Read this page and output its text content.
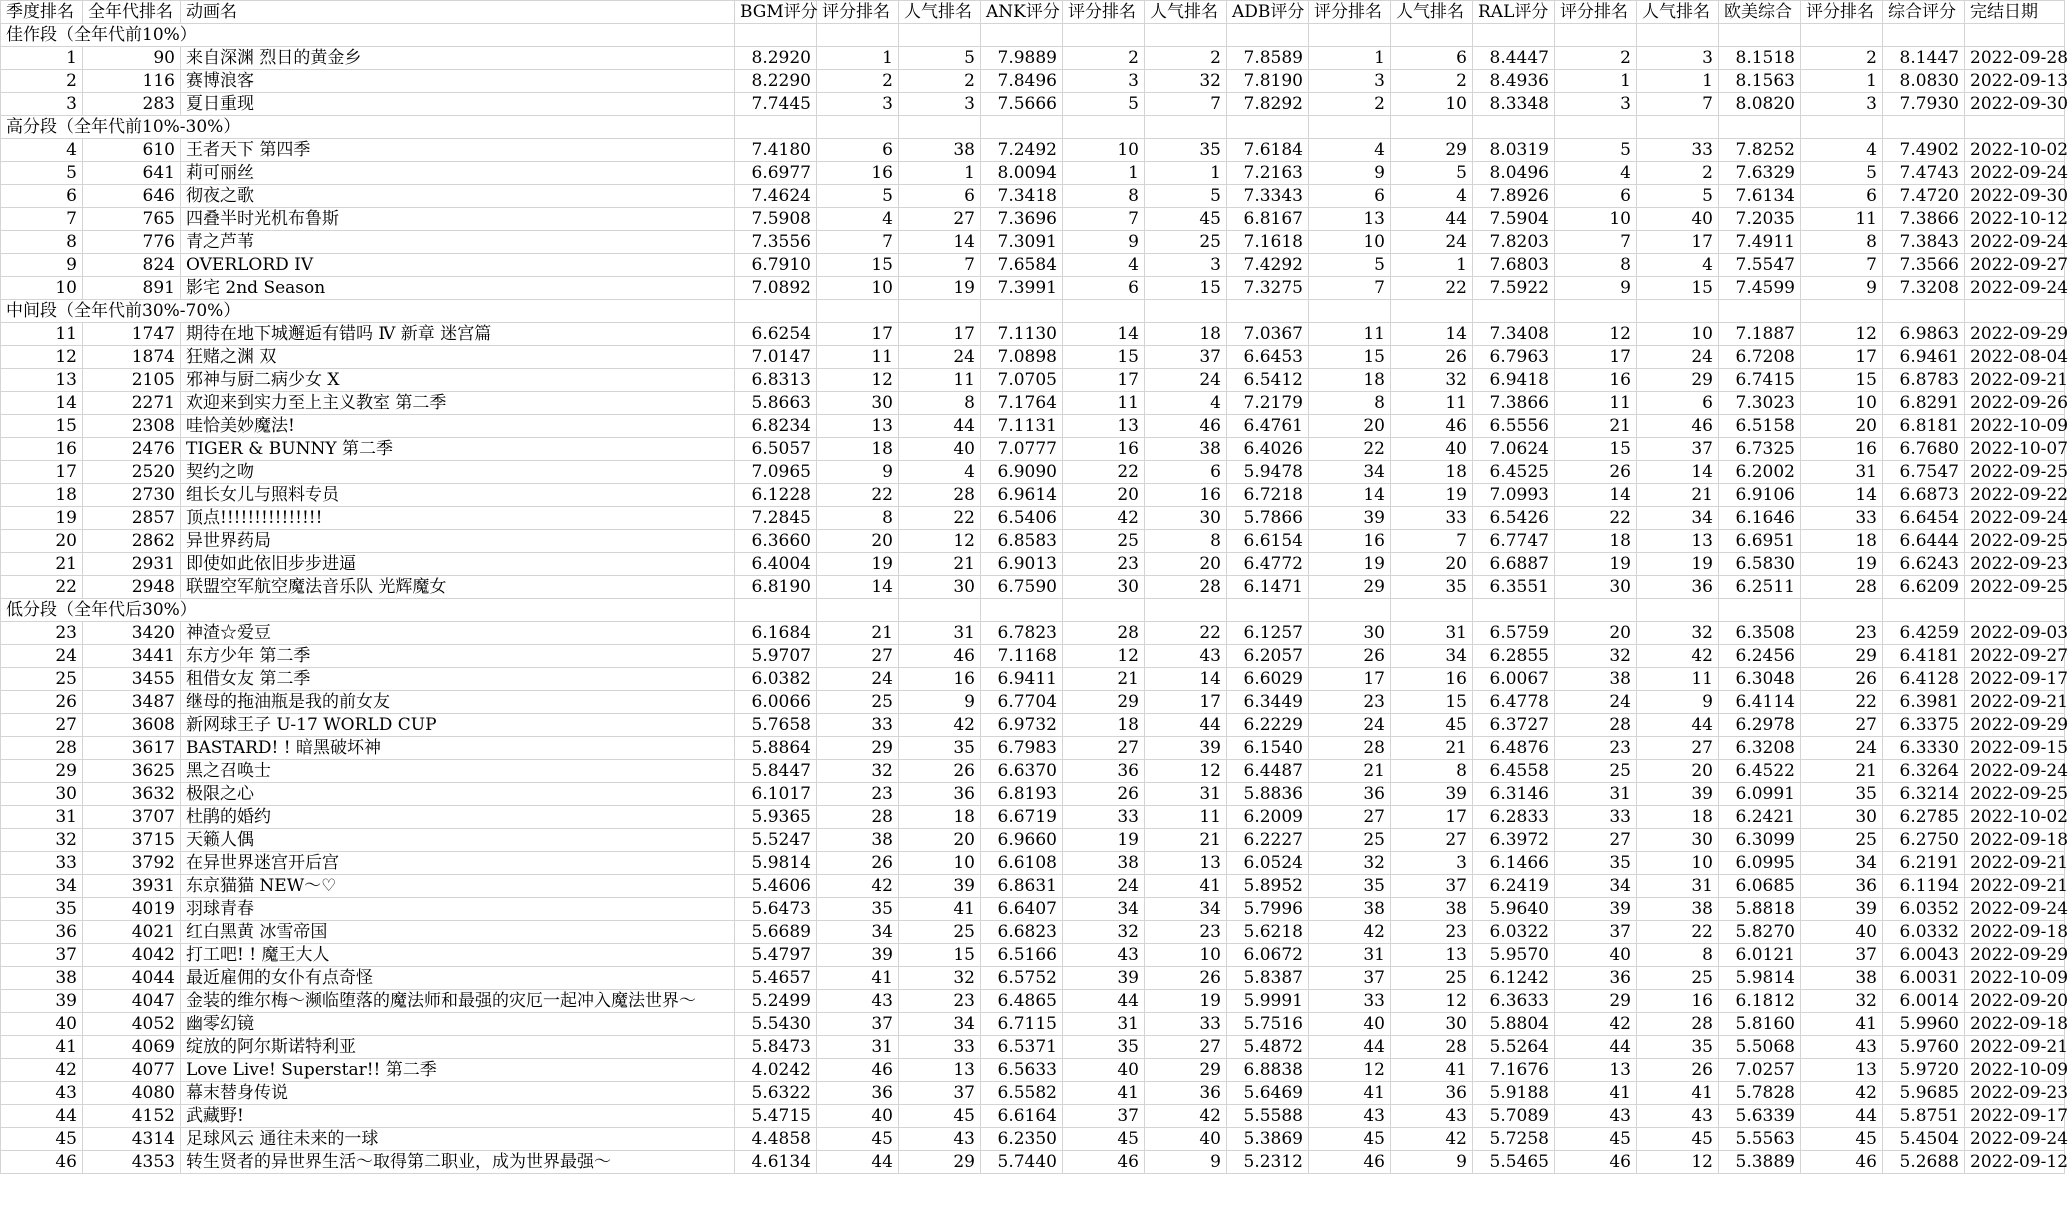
季度排名	全年代排名	动画名	BGM评分	评分排名	人气排名	ANK评分	评分排名	人气排名	ADB评分	评分排名	人气排名	RAL评分	评分排名	人气排名	欧美综合	评分排名	综合评分	完结日期
佳作段（全年代前10%）																		
1	90	来自深渊 烈日的黄金乡	8.2920	1	5	7.9889	2	2	7.8589	1	6	8.4447	2	3	8.1518	2	8.1447	2022-09-28
2	116	赛博浪客	8.2290	2	2	7.8496	3	32	7.8190	3	2	8.4936	1	1	8.1563	1	8.0830	2022-09-13
3	283	夏日重现	7.7445	3	3	7.5666	5	7	7.8292	2	10	8.3348	3	7	8.0820	3	7.7930	2022-09-30
高分段（全年代前10%-30%）																		
4	610	王者天下 第四季	7.4180	6	38	7.2492	10	35	7.6184	4	29	8.0319	5	33	7.8252	4	7.4902	2022-10-02
5	641	莉可丽丝	6.6977	16	1	8.0094	1	1	7.2163	9	5	8.0496	4	2	7.6329	5	7.4743	2022-09-24
6	646	彻夜之歌	7.4624	5	6	7.3418	8	5	7.3343	6	4	7.8926	6	5	7.6134	6	7.4720	2022-09-30
7	765	四叠半时光机布鲁斯	7.5908	4	27	7.3696	7	45	6.8167	13	44	7.5904	10	40	7.2035	11	7.3866	2022-10-12
8	776	青之芦苇	7.3556	7	14	7.3091	9	25	7.1618	10	24	7.8203	7	17	7.4911	8	7.3843	2022-09-24
9	824	OVERLORD IV	6.7910	15	7	7.6584	4	3	7.4292	5	1	7.6803	8	4	7.5547	7	7.3566	2022-09-27
10	891	影宅 2nd Season	7.0892	10	19	7.3991	6	15	7.3275	7	22	7.5922	9	15	7.4599	9	7.3208	2022-09-24
中间段（全年代前30%-70%）																		
11	1747	期待在地下城邂逅有错吗 Ⅳ 新章 迷宫篇	6.6254	17	17	7.1130	14	18	7.0367	11	14	7.3408	12	10	7.1887	12	6.9863	2022-09-29
12	1874	狂赌之渊 双	7.0147	11	24	7.0898	15	37	6.6453	15	26	6.7963	17	24	6.7208	17	6.9461	2022-08-04
13	2105	邪神与厨二病少女 X	6.8313	12	11	7.0705	17	24	6.5412	18	32	6.9418	16	29	6.7415	15	6.8783	2022-09-21
14	2271	欢迎来到实力至上主义教室 第二季	5.8663	30	8	7.1764	11	4	7.2179	8	11	7.3866	11	6	7.3023	10	6.8291	2022-09-26
15	2308	哇恰美妙魔法!	6.8234	13	44	7.1131	13	46	6.4761	20	46	6.5556	21	46	6.5158	20	6.8181	2022-10-09
16	2476	TIGER & BUNNY 第二季	6.5057	18	40	7.0777	16	38	6.4026	22	40	7.0624	15	37	6.7325	16	6.7680	2022-10-07
17	2520	契约之吻	7.0965	9	4	6.9090	22	6	5.9478	34	18	6.4525	26	14	6.2002	31	6.7547	2022-09-25
18	2730	组长女儿与照料专员	6.1228	22	28	6.9614	20	16	6.7218	14	19	7.0993	14	21	6.9106	14	6.6873	2022-09-22
19	2857	顶点!!!!!!!!!!!!!!!	7.2845	8	22	6.5406	42	30	5.7866	39	33	6.5426	22	34	6.1646	33	6.6454	2022-09-24
20	2862	异世界药局	6.3660	20	12	6.8583	25	8	6.6154	16	7	6.7747	18	13	6.6951	18	6.6444	2022-09-25
21	2931	即使如此依旧步步进逼	6.4004	19	21	6.9013	23	20	6.4772	19	20	6.6887	19	19	6.5830	19	6.6243	2022-09-23
22	2948	联盟空军航空魔法音乐队 光辉魔女	6.8190	14	30	6.7590	30	28	6.1471	29	35	6.3551	30	36	6.2511	28	6.6209	2022-09-25
低分段（全年代后30%）																		
23	3420	神渣☆爱豆	6.1684	21	31	6.7823	28	22	6.1257	30	31	6.5759	20	32	6.3508	23	6.4259	2022-09-03
24	3441	东方少年 第二季	5.9707	27	46	7.1168	12	43	6.2057	26	34	6.2855	32	42	6.2456	29	6.4181	2022-09-27
25	3455	租借女友 第二季	6.0382	24	16	6.9411	21	14	6.6029	17	16	6.0067	38	11	6.3048	26	6.4128	2022-09-17
26	3487	继母的拖油瓶是我的前女友	6.0066	25	9	6.7704	29	17	6.3449	23	15	6.4778	24	9	6.4114	22	6.3981	2022-09-21
27	3608	新网球王子 U-17 WORLD CUP	5.7658	33	42	6.9732	18	44	6.2229	24	45	6.3727	28	44	6.2978	27	6.3375	2022-09-29
28	3617	BASTARD! ! 暗黑破坏神	5.8864	29	35	6.7983	27	39	6.1540	28	21	6.4876	23	27	6.3208	24	6.3330	2022-09-15
29	3625	黑之召唤士	5.8447	32	26	6.6370	36	12	6.4487	21	8	6.4558	25	20	6.4522	21	6.3264	2022-09-24
30	3632	极限之心	6.1017	23	36	6.8193	26	31	5.8836	36	39	6.3146	31	39	6.0991	35	6.3214	2022-09-25
31	3707	杜鹃的婚约	5.9365	28	18	6.6719	33	11	6.2009	27	17	6.2833	33	18	6.2421	30	6.2785	2022-10-02
32	3715	天籁人偶	5.5247	38	20	6.9660	19	21	6.2227	25	27	6.3972	27	30	6.3099	25	6.2750	2022-09-18
33	3792	在异世界迷宫开后宫	5.9814	26	10	6.6108	38	13	6.0524	32	3	6.1466	35	10	6.0995	34	6.2191	2022-09-21
34	3931	东京猫猫 NEW～♡	5.4606	42	39	6.8631	24	41	5.8952	35	37	6.2419	34	31	6.0685	36	6.1194	2022-09-21
35	4019	羽球青春	5.6473	35	41	6.6407	34	34	5.7996	38	38	5.9640	39	38	5.8818	39	6.0352	2022-09-24
36	4021	红白黑黄 冰雪帝国	5.6689	34	25	6.6823	32	23	5.6218	42	23	6.0322	37	22	5.8270	40	6.0332	2022-09-18
37	4042	打工吧! ! 魔王大人	5.4797	39	15	6.5166	43	10	6.0672	31	13	5.9570	40	8	6.0121	37	6.0043	2022-09-29
38	4044	最近雇佣的女仆有点奇怪	5.4657	41	32	6.5752	39	26	5.8387	37	25	6.1242	36	25	5.9814	38	6.0031	2022-10-09
39	4047	金装的维尔梅～濒临堕落的魔法师和最强的灾厄一起冲入魔法世界～	5.2499	43	23	6.4865	44	19	5.9991	33	12	6.3633	29	16	6.1812	32	6.0014	2022-09-20
40	4052	幽零幻镜	5.5430	37	34	6.7115	31	33	5.7516	40	30	5.8804	42	28	5.8160	41	5.9960	2022-09-18
41	4069	绽放的阿尔斯诺特利亚	5.8473	31	33	6.5371	35	27	5.4872	44	28	5.5264	44	35	5.5068	43	5.9760	2022-09-21
42	4077	Love Live! Superstar!! 第二季	4.0242	46	13	6.5633	40	29	6.8838	12	41	7.1676	13	26	7.0257	13	5.9720	2022-10-09
43	4080	幕末替身传说	5.6322	36	37	6.5582	41	36	5.6469	41	36	5.9188	41	41	5.7828	42	5.9685	2022-09-23
44	4152	武藏野!	5.4715	40	45	6.6164	37	42	5.5588	43	43	5.7089	43	43	5.6339	44	5.8751	2022-09-17
45	4314	足球风云 通往未来的一球	4.4858	45	43	6.2350	45	40	5.3869	45	42	5.7258	45	45	5.5563	45	5.4504	2022-09-24
46	4353	转生贤者的异世界生活～取得第二职业，成为世界最强～	4.6134	44	29	5.7440	46	9	5.2312	46	9	5.5465	46	12	5.3889	46	5.2688	2022-09-12
